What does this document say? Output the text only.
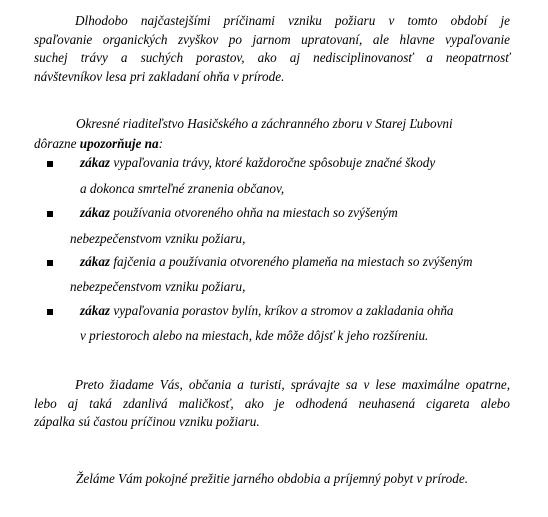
Dlhodobo najčastejšími príčinami vzniku požiaru v tomto období je
spaľovanie organických zvyškov po jarnom upratovaní, ale hlavne vypaľovanie
suchej trávy a suchých porastov, ako aj nedisciplinovanosť a neopatrnosť
návštevníkov lesa pri zakladaní ohňa v prírode.
Okresné riaditeľstvo Hasičského a záchranného zboru v Starej Ľubovni
dôrazne upozorňuje na:
zákaz vypaľovania trávy, ktoré každoročne spôsobuje značné škody
a dokonca smrteľné zranenia občanov,
zákaz používania otvoreného ohňa na miestach so zvýšeným
nebezpečenstvom vzniku požiaru,
zákaz fajčenia a používania otvoreného plameňa na miestach so zvýšeným
nebezpečenstvom vzniku požiaru,
zákaz vypaľovania porastov bylín, kríkov a stromov a zakladania ohňa
v priestoroch alebo na miestach, kde môže dôjsť k jeho rozšíreniu.
Preto žiadame Vás, občania a turisti, správajte sa v lese maximálne opatrne,
lebo aj taká zdanlivá maličkosť, ako je odhodená neuhasená cigareta alebo
zápalka sú častou príčinou vzniku požiaru.
Želáme Vám pokojné prežitie jarného obdobia a príjemný pobyt v prírode.
